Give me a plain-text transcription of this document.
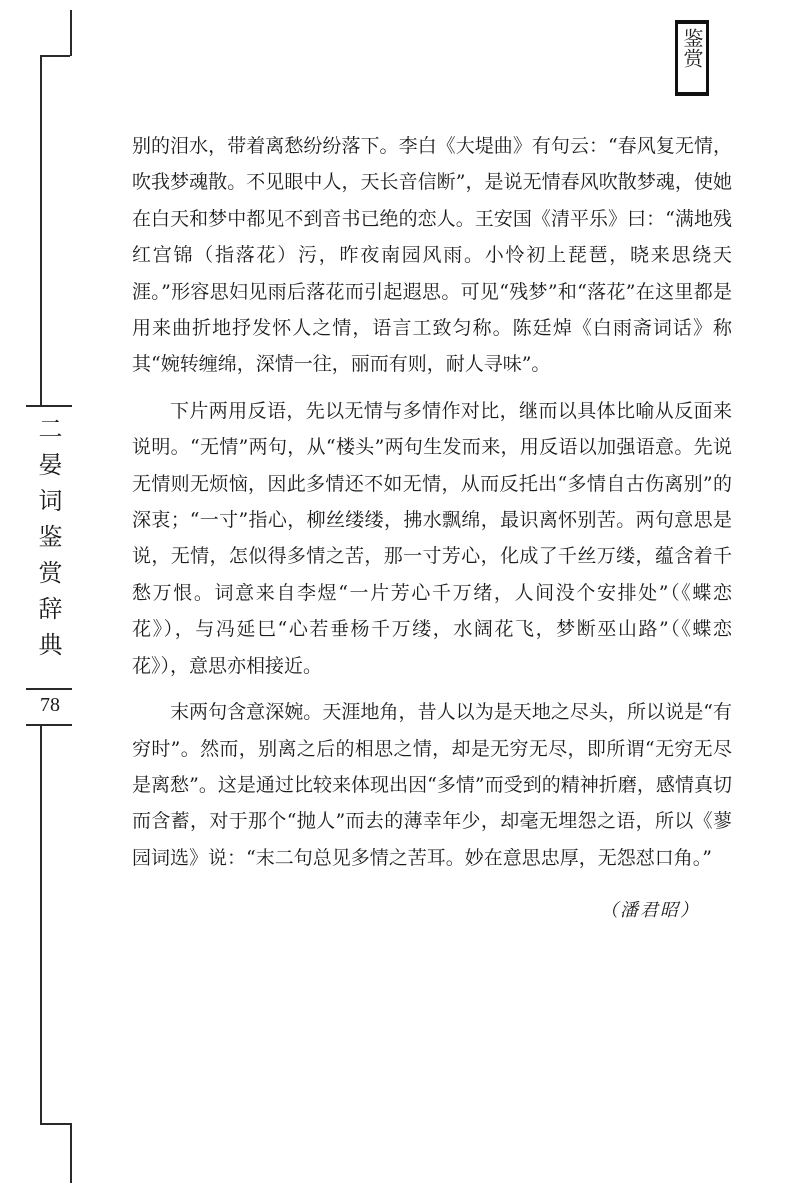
鉴赏
二晏词鉴赏辞典
78

别的泪水，带着离愁纷纷落下。李白《大堤曲》有句云：“春风复无情，吹我梦魂散。不见眼中人，天长音信断”，是说无情春风吹散梦魂，使她在白天和梦中都见不到音书已绝的恋人。王安国《清平乐》曰：“满地残红宫锦（指落花）污，昨夜南园风雨。小怜初上琵琶，晓来思绕天涯。”形容思妇见雨后落花而引起遐思。可见“残梦”和“落花”在这里都是用来曲折地抒发怀人之情，语言工致匀称。陈廷焯《白雨斋词话》称其“婉转缠绵，深情一往，丽而有则，耐人寻味”。

下片两用反语，先以无情与多情作对比，继而以具体比喻从反面来说明。“无情”两句，从“楼头”两句生发而来，用反语以加强语意。先说无情则无烦恼，因此多情还不如无情，从而反托出“多情自古伤离别”的深衷；“一寸”指心，柳丝缕缕，拂水飘绵，最识离怀别苦。两句意思是说，无情，怎似得多情之苦，那一寸芳心，化成了千丝万缕，蕴含着千愁万恨。词意来自李煜“一片芳心千万绪，人间没个安排处”（《蝶恋花》），与冯延巳“心若垂杨千万缕，水阔花飞，梦断巫山路”（《蝶恋花》），意思亦相接近。

末两句含意深婉。天涯地角，昔人以为是天地之尽头，所以说是“有穷时”。然而，别离之后的相思之情，却是无穷无尽，即所谓“无穷无尽是离愁”。这是通过比较来体现出因“多情”而受到的精神折磨，感情真切而含蓄，对于那个“抛人”而去的薄幸年少，却毫无埋怨之语，所以《蓼园词选》说：“末二句总见多情之苦耳。妙在意思忠厚，无怨怼口角。”

（潘君昭）
